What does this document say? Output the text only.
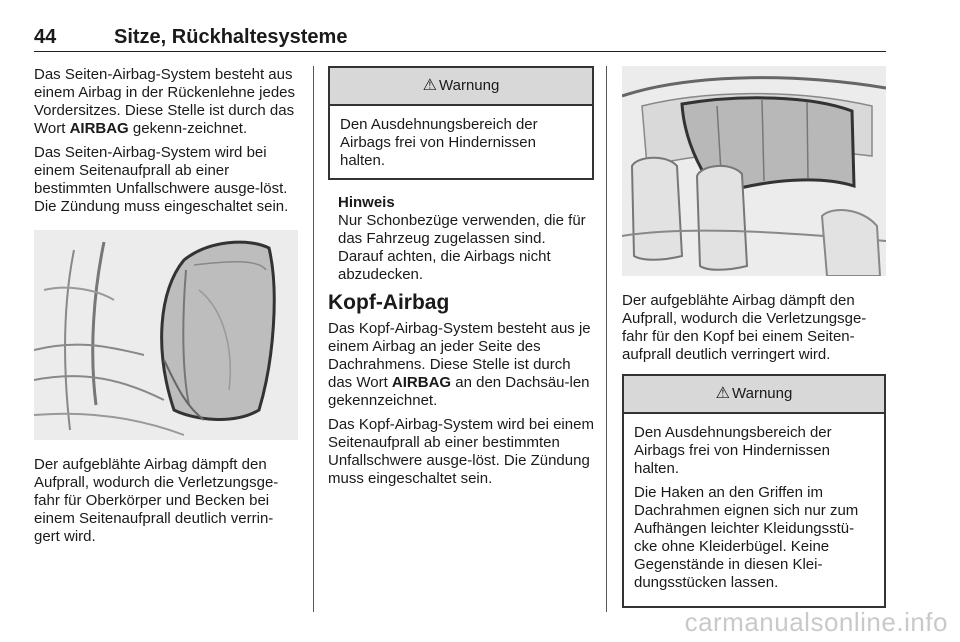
44	Sitze, Rückhaltesysteme

Das Seiten-Airbag-System besteht aus einem Airbag in der Rückenlehne jedes Vordersitzes. Diese Stelle ist durch das Wort AIRBAG gekenn-zeichnet.

Das Seiten-Airbag-System wird bei einem Seitenaufprall ab einer bestimmten Unfallschwere ausge-löst. Die Zündung muss eingeschaltet sein.

Der aufgeblähte Airbag dämpft den Aufprall, wodurch die Verletzungsge-fahr für Oberkörper und Becken bei einem Seitenaufprall deutlich verrin-gert wird.

⚠ Warnung
Den Ausdehnungsbereich der Airbags frei von Hindernissen halten.
Hinweis
Nur Schonbezüge verwenden, die für das Fahrzeug zugelassen sind. Darauf achten, die Airbags nicht abzudecken.
Kopf-Airbag

Das Kopf-Airbag-System besteht aus je einem Airbag an jeder Seite des Dachrahmens. Diese Stelle ist durch das Wort AIRBAG an den Dachsäu-len gekennzeichnet.

Das Kopf-Airbag-System wird bei einem Seitenaufprall ab einer bestimmten Unfallschwere ausge-löst. Die Zündung muss eingeschaltet sein.

Der aufgeblähte Airbag dämpft den Aufprall, wodurch die Verletzungsge-fahr für den Kopf bei einem Seiten-aufprall deutlich verringert wird.

⚠ Warnung

Den Ausdehnungsbereich der Airbags frei von Hindernissen halten.

Die Haken an den Griffen im Dachrahmen eignen sich nur zum Aufhängen leichter Kleidungsstü-cke ohne Kleiderbügel. Keine Gegenstände in diesen Klei-dungsstücken lassen.

carmanualsonline.info
